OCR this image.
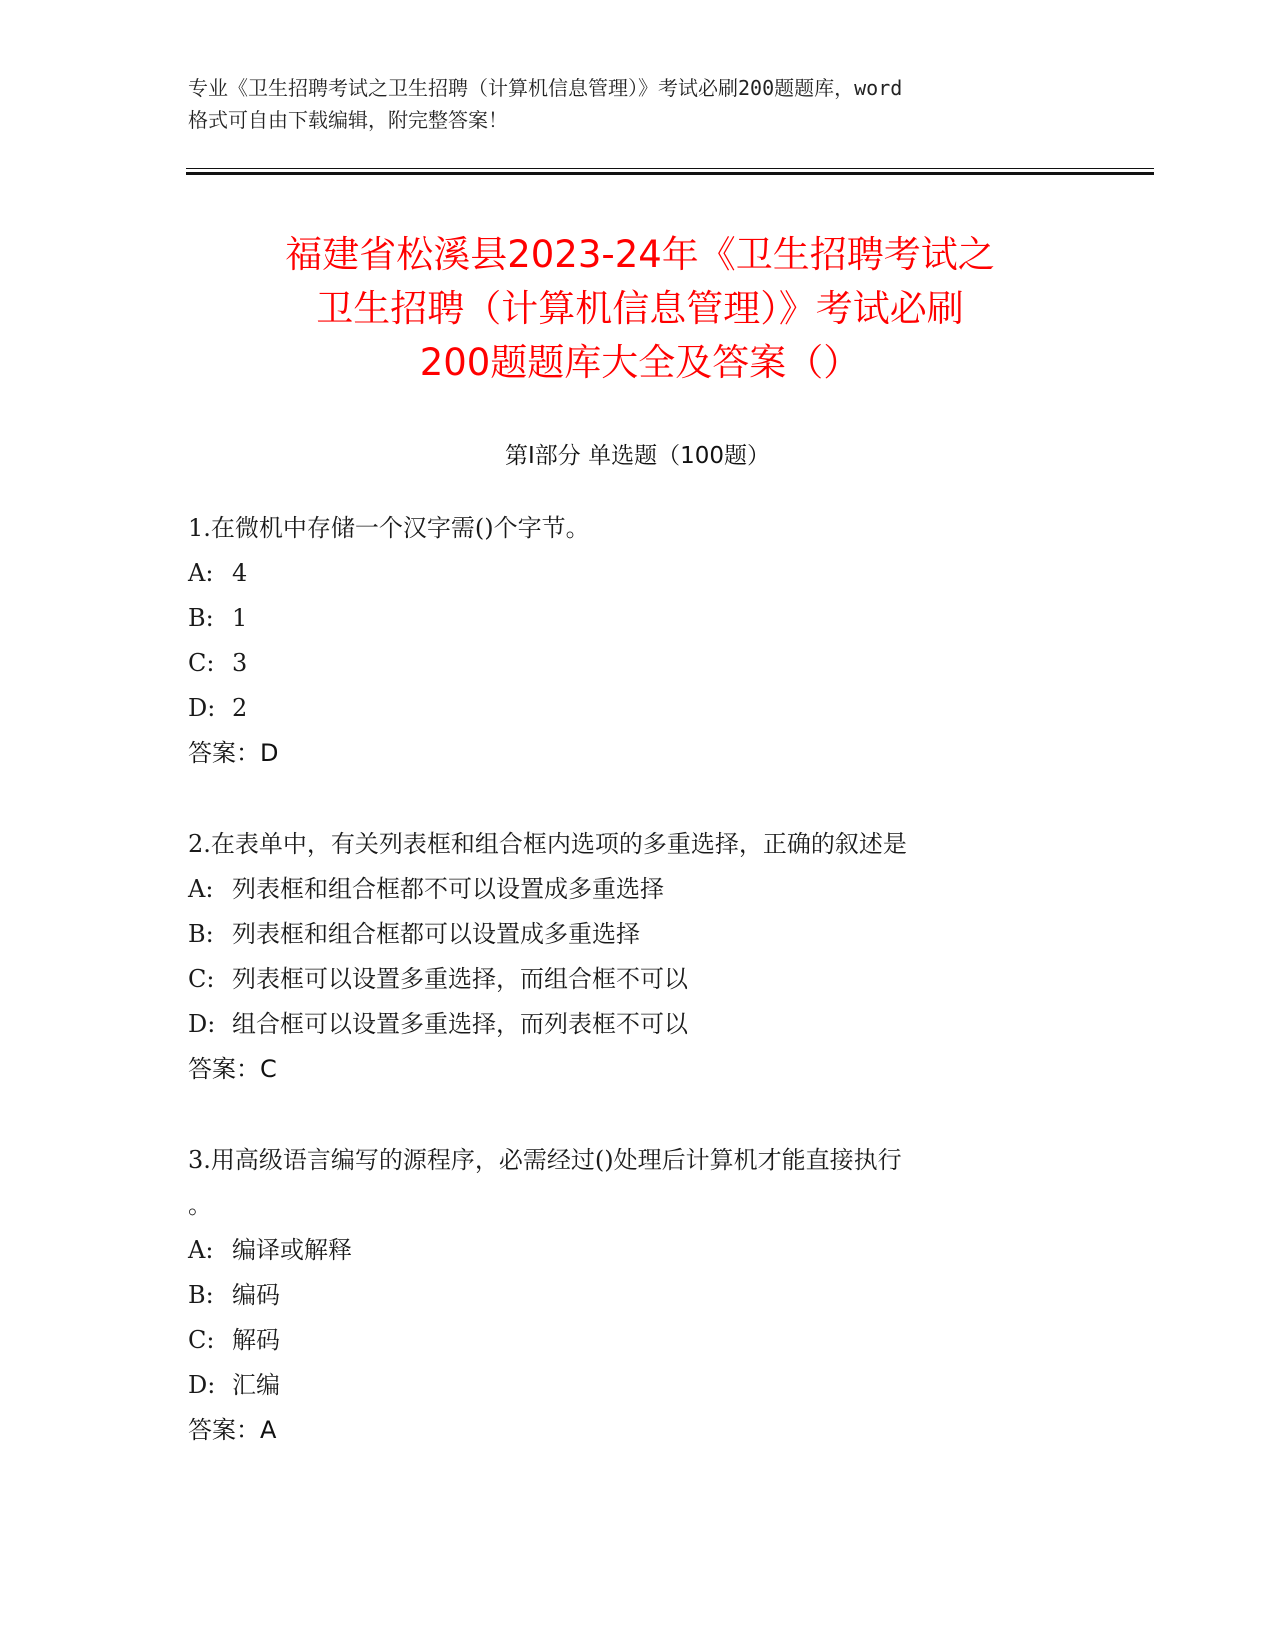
专业《卫生招聘考试之卫生招聘（计算机信息管理）》考试必刷200题题库，word
格式可自由下载编辑，附完整答案！
福建省松溪县2023-24年《卫生招聘考试之
卫生招聘（计算机信息管理）》考试必刷
200题题库大全及答案（）
第Ⅰ部分 单选题（100题）
1.在微机中存储一个汉字需()个字节。
A: 4
B: 1
C: 3
D: 2
答案：D
2.在表单中，有关列表框和组合框内选项的多重选择，正确的叙述是
A: 列表框和组合框都不可以设置成多重选择
B: 列表框和组合框都可以设置成多重选择
C: 列表框可以设置多重选择，而组合框不可以
D: 组合框可以设置多重选择，而列表框不可以
答案：C
3.用高级语言编写的源程序，必需经过()处理后计算机才能直接执行
。
A: 编译或解释
B: 编码
C: 解码
D: 汇编
答案：A
